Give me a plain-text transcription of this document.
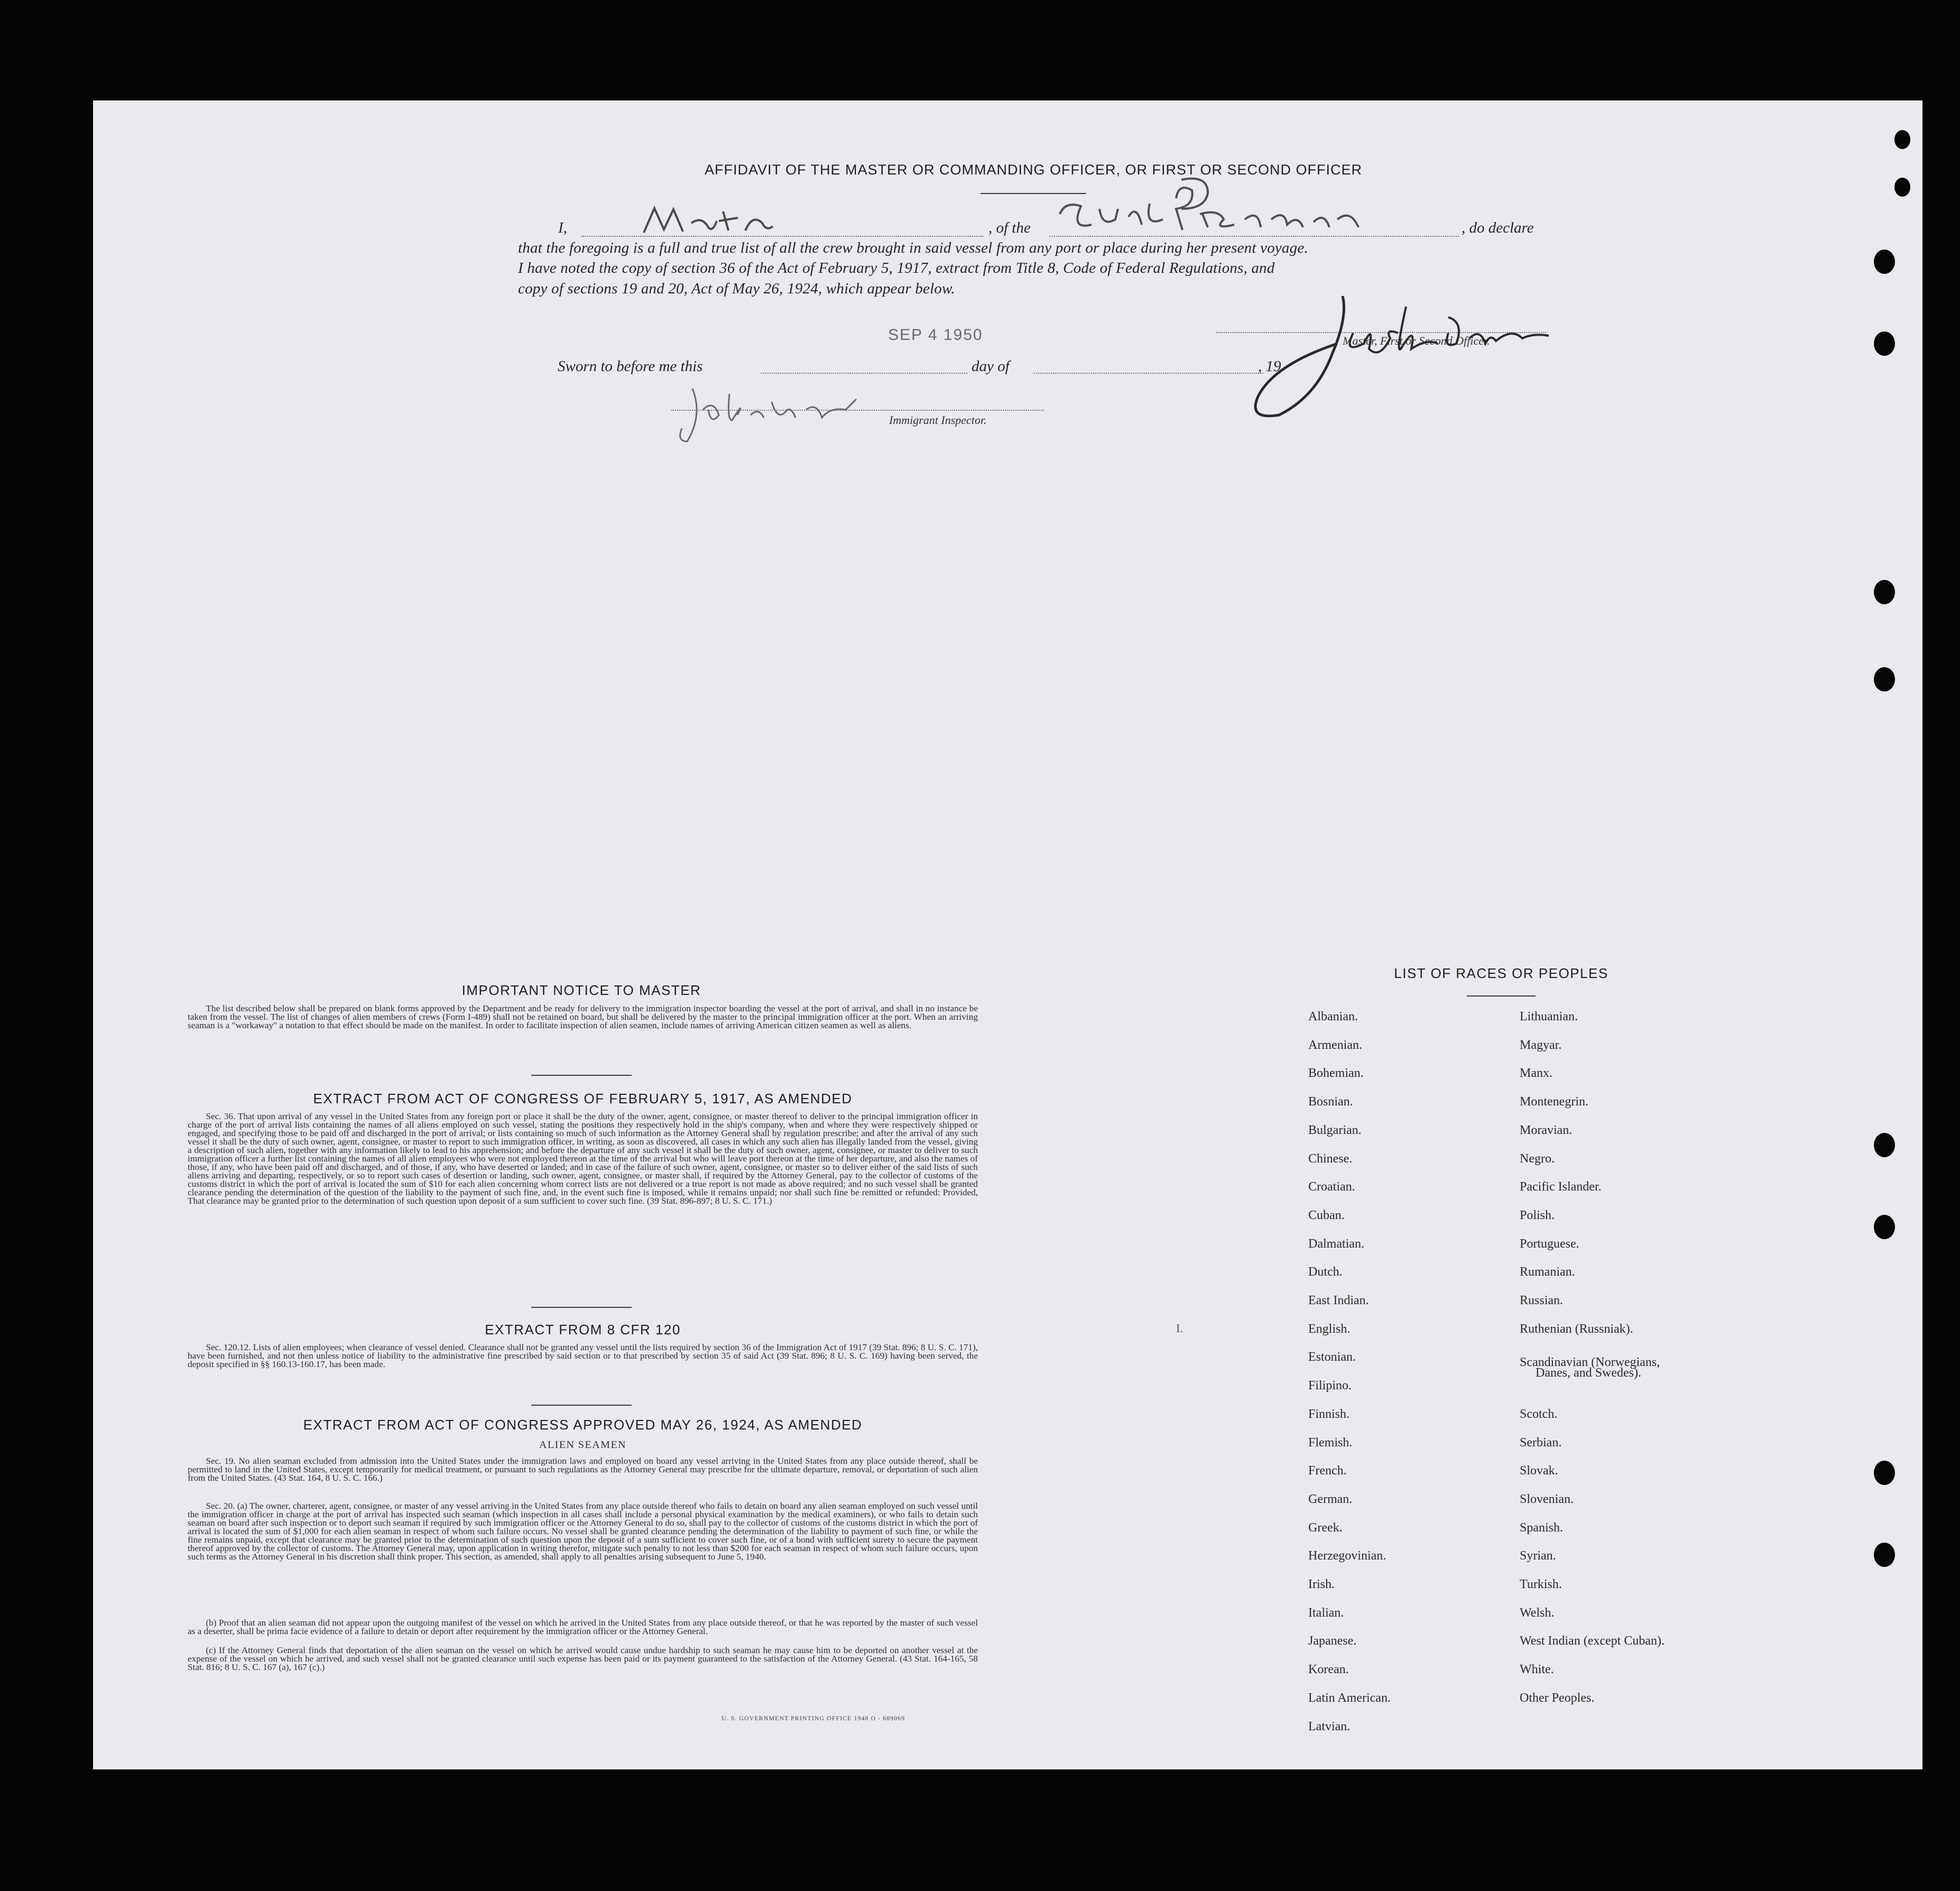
AFFIDAVIT OF THE MASTER OR COMMANDING OFFICER, OR FIRST OR SECOND OFFICER
I,	, of the	, do declare
that the foregoing is a full and true list of all the crew brought in said vessel from any port or place during her present voyage.
I have noted the copy of section 36 of the Act of February 5, 1917, extract from Title 8, Code of Federal Regulations, and
copy of sections 19 and 20, Act of May 26, 1924, which appear below.
SEP 4 1950
Sworn to before me this	day of	, 19
Master, First or Second Officer.
Immigrant Inspector.
IMPORTANT NOTICE TO MASTER
The list described below shall be prepared on blank forms approved by the Department and be ready for delivery to the immigration inspector boarding the vessel at the port of arrival, and shall in no instance be taken from the vessel. The list of changes of alien members of crews (Form I-489) shall not be retained on board, but shall be delivered by the master to the principal immigration officer at the port. When an arriving seaman is a "workaway" a notation to that effect should be made on the manifest. In order to facilitate inspection of alien seamen, include names of arriving American citizen seamen as well as aliens.
EXTRACT FROM ACT OF CONGRESS OF FEBRUARY 5, 1917, AS AMENDED
Sec. 36. That upon arrival of any vessel in the United States from any foreign port or place it shall be the duty of the owner, agent, consignee, or master thereof to deliver to the principal immigration officer in charge of the port of arrival lists containing the names of all aliens employed on such vessel, stating the positions they respectively hold in the ship's company, when and where they were respectively shipped or engaged, and specifying those to be paid off and discharged in the port of arrival; or lists containing so much of such information as the Attorney General shall by regulation prescribe; and after the arrival of any such vessel it shall be the duty of such owner, agent, consignee, or master to report to such immigration officer, in writing, as soon as discovered, all cases in which any such alien has illegally landed from the vessel, giving a description of such alien, together with any information likely to lead to his apprehension; and before the departure of any such vessel it shall be the duty of such owner, agent, consignee, or master to deliver to such immigration officer a further list containing the names of all alien employees who were not employed thereon at the time of the arrival but who will leave port thereon at the time of her departure, and also the names of those, if any, who have been paid off and discharged, and of those, if any, who have deserted or landed; and in case of the failure of such owner, agent, consignee, or master so to deliver either of the said lists of such aliens arriving and departing, respectively, or so to report such cases of desertion or landing, such owner, agent, consignee, or master shall, if required by the Attorney General, pay to the collector of customs of the customs district in which the port of arrival is located the sum of $10 for each alien concerning whom correct lists are not delivered or a true report is not made as above required; and no such vessel shall be granted clearance pending the determination of the question of the liability to the payment of such fine, and, in the event such fine is imposed, while it remains unpaid; nor shall such fine be remitted or refunded: Provided, That clearance may be granted prior to the determination of such question upon deposit of a sum sufficient to cover such fine. (39 Stat. 896-897; 8 U. S. C. 171.)
EXTRACT FROM 8 CFR 120
Sec. 120.12. Lists of alien employees; when clearance of vessel denied. Clearance shall not be granted any vessel until the lists required by section 36 of the Immigration Act of 1917 (39 Stat. 896; 8 U. S. C. 171), have been furnished, and not then unless notice of liability to the administrative fine prescribed by said section or to that prescribed by section 35 of said Act (39 Stat. 896; 8 U. S. C. 169) having been served, the deposit specified in §§ 160.13-160.17, has been made.
EXTRACT FROM ACT OF CONGRESS APPROVED MAY 26, 1924, AS AMENDED
ALIEN SEAMEN
Sec. 19. No alien seaman excluded from admission into the United States under the immigration laws and employed on board any vessel arriving in the United States from any place outside thereof, shall be permitted to land in the United States, except temporarily for medical treatment, or pursuant to such regulations as the Attorney General may prescribe for the ultimate departure, removal, or deportation of such alien from the United States. (43 Stat. 164, 8 U. S. C. 166.)
Sec. 20. (a) The owner, charterer, agent, consignee, or master of any vessel arriving in the United States from any place outside thereof who fails to detain on board any alien seaman employed on such vessel until the immigration officer in charge at the port of arrival has inspected such seaman (which inspection in all cases shall include a personal physical examination by the medical examiners), or who fails to detain such seaman on board after such inspection or to deport such seaman if required by such immigration officer or the Attorney General to do so, shall pay to the collector of customs of the customs district in which the port of arrival is located the sum of $1,000 for each alien seaman in respect of whom such failure occurs. No vessel shall be granted clearance pending the determination of the liability to payment of such fine, or while the fine remains unpaid, except that clearance may be granted prior to the determination of such question upon the deposit of a sum sufficient to cover such fine, or of a bond with sufficient surety to secure the payment thereof approved by the collector of customs. The Attorney General may, upon application in writing therefor, mitigate such penalty to not less than $200 for each seaman in respect of whom such failure occurs, upon such terms as the Attorney General in his discretion shall think proper. This section, as amended, shall apply to all penalties arising subsequent to June 5, 1940.
(b) Proof that an alien seaman did not appear upon the outgoing manifest of the vessel on which he arrived in the United States from any place outside thereof, or that he was reported by the master of such vessel as a deserter, shall be prima facie evidence of a failure to detain or deport after requirement by the immigration officer or the Attorney General.
(c) If the Attorney General finds that deportation of the alien seaman on the vessel on which he arrived would cause undue hardship to such seaman he may cause him to be deported on another vessel at the expense of the vessel on which he arrived, and such vessel shall not be granted clearance until such expense has been paid or its payment guaranteed to the satisfaction of the Attorney General. (43 Stat. 164-165, 58 Stat. 816; 8 U. S. C. 167 (a), 167 (c).)
U. S. GOVERNMENT PRINTING OFFICE 1948 O - 689069
LIST OF RACES OR PEOPLES
Albanian.
Armenian.
Bohemian.
Bosnian.
Bulgarian.
Chinese.
Croatian.
Cuban.
Dalmatian.
Dutch.
East Indian.
English.
Estonian.
Filipino.
Finnish.
Flemish.
French.
German.
Greek.
Herzegovinian.
Irish.
Italian.
Japanese.
Korean.
Latin American.
Latvian.
Lithuanian.
Magyar.
Manx.
Montenegrin.
Moravian.
Negro.
Pacific Islander.
Polish.
Portuguese.
Rumanian.
Russian.
Ruthenian (Russniak).
Scandinavian (Norwegians,
Danes, and Swedes).
Scotch.
Serbian.
Slovak.
Slovenian.
Spanish.
Syrian.
Turkish.
Welsh.
West Indian (except Cuban).
White.
Other Peoples.
I.
